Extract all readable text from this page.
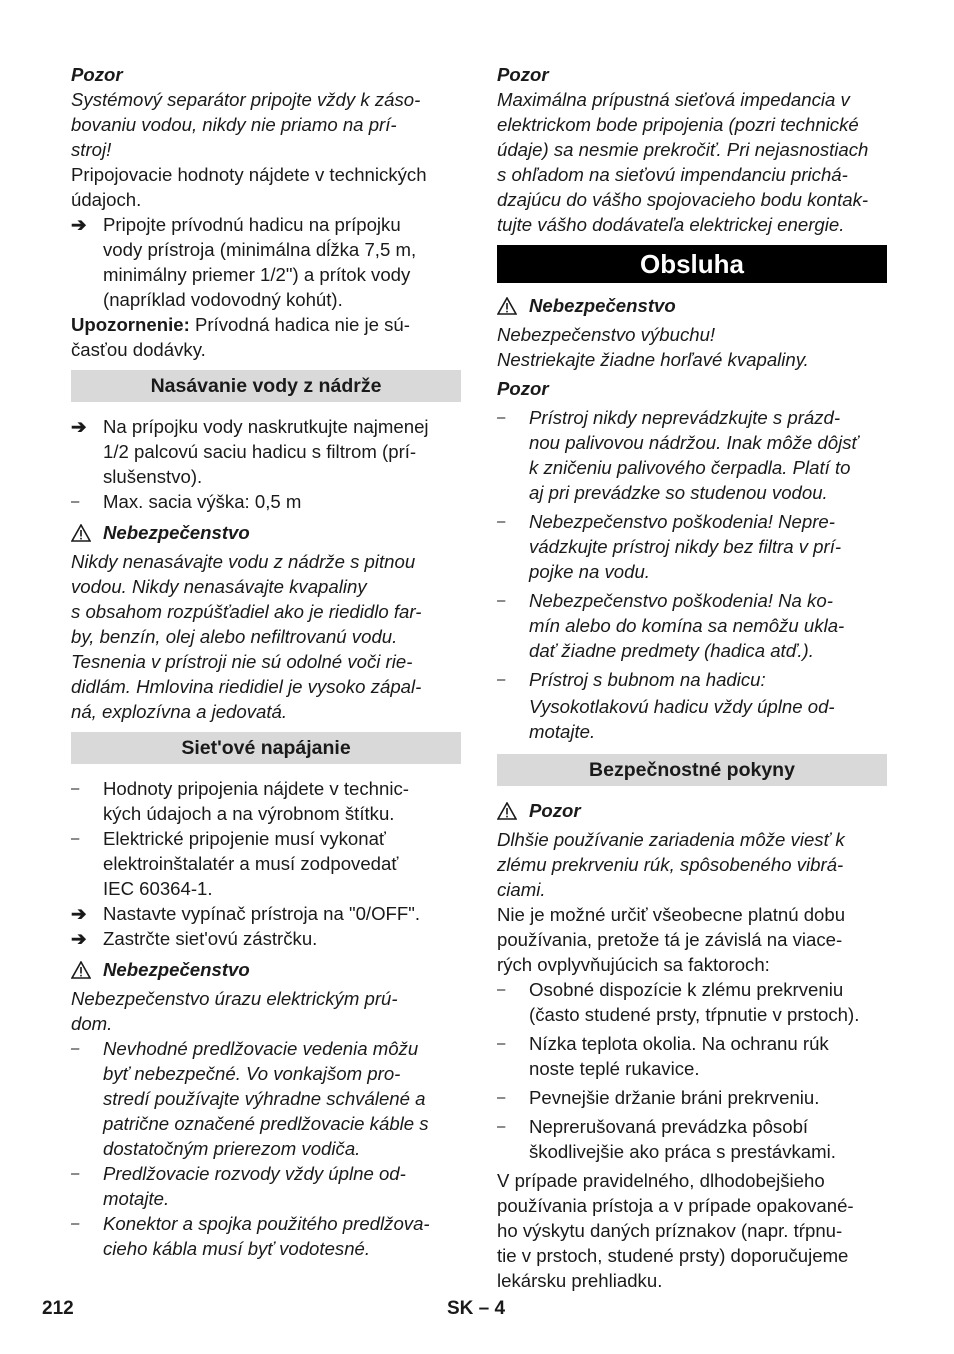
Pozor

Systémový separátor pripojte vždy k záso-
bovaniu vodou, nikdy nie priamo na prí-
stroj!
Pripojovacie hodnoty nájdete v technických
údajoch.
➔ Pripojte prívodnú hadicu na prípojku
vody prístroja (minimálna dĺžka 7,5 m,
minimálny priemer 1/2") a prítok vody
(napríklad vodovodný kohút).
Upozornenie: Prívodná hadica nie je sú-
časťou dodávky.
Nasávanie vody z nádrže
➔ Na prípojku vody naskrutkujte najmenej
1/2 palcovú saciu hadicu s filtrom (prí-
slušenstvo).
–	Max. sacia výška: 0,5 m
Nebezpečenstvo
Nikdy nenasávajte vodu z nádrže s pitnou
vodou. Nikdy nenasávajte kvapaliny
s obsahom rozpúšťadiel ako je riedidlo far-
by, benzín, olej alebo nefiltrovanú vodu.
Tesnenia v prístroji nie sú odolné voči rie-
didlám. Hmlovina riedidiel je vysoko zápal-
ná, explozívna a jedovatá.
Siet'ové napájanie
–	Hodnoty pripojenia nájdete v technic-
kých údajoch a na výrobnom štítku.
–	Elektrické pripojenie musí vykonať
elektroinštalatér a musí zodpovedať
IEC 60364-1.
➔ Nastavte vypínač prístroja na "0/OFF".
➔ Zastrčte siet'ovú zástrčku.
Nebezpečenstvo
Nebezpečenstvo úrazu elektrickým prú-
dom.
–	Nevhodné predlžovacie vedenia môžu
byť nebezpečné. Vo vonkajšom pro-
stredí používajte výhradne schválené a
patrične označené predlžovacie káble s
dostatočným prierezom vodiča.
–	Predlžovacie rozvody vždy úplne od-
motajte.
–	Konektor a spojka použitého predlžova-
cieho kábla musí byť vodotesné.

Pozor

Maximálna prípustná sieťová impedancia v
elektrickom bode pripojenia (pozri technické
údaje) sa nesmie prekročiť. Pri nejasnostiach
s ohľadom na sieťovú impendanciu prichá-
dzajúcu do vášho spojovacieho bodu kontak-
tujte vášho dodávateľa elektrickej energie.
Obsluha
Nebezpečenstvo
Nebezpečenstvo výbuchu!
Nestriekajte žiadne horľavé kvapaliny.

Pozor

–	Prístroj nikdy neprevádzkujte s prázd-
nou palivovou nádržou. Inak môže dôjsť
k zničeniu palivového čerpadla. Platí to
aj pri prevádzke so studenou vodou.
–	Nebezpečenstvo poškodenia! Nepre-
vádzkujte prístroj nikdy bez filtra v prí-
pojke na vodu.
–	Nebezpečenstvo poškodenia! Na ko-
mín alebo do komína sa nemôžu ukla-
dať žiadne predmety (hadica atď.).
–	Prístroj s bubnom na hadicu:
Vysokotlakovú hadicu vždy úplne od-
motajte.
Bezpečnostné pokyny
Pozor
Dlhšie používanie zariadenia môže viesť k
zlému prekrveniu rúk, spôsobeného vibrá-
ciami.
Nie je možné určiť všeobecne platnú dobu
používania, pretože tá je závislá na viace-
rých ovplyvňujúcich sa faktoroch:
–	Osobné dispozície k zlému prekrveniu
(často studené prsty, tŕpnutie v prstoch).
–	Nízka teplota okolia. Na ochranu rúk
noste teplé rukavice.
–	Pevnejšie držanie bráni prekrveniu.
–	Neprerušovaná prevádzka pôsobí
škodlivejšie ako práca s prestávkami.
V prípade pravidelného, dlhodobejšieho
používania prístoja a v prípade opakované-
ho výskytu daných príznakov (napr. tŕpnu-
tie v prstoch, studené prsty) doporučujeme
lekársku prehliadku.
212	SK – 4
